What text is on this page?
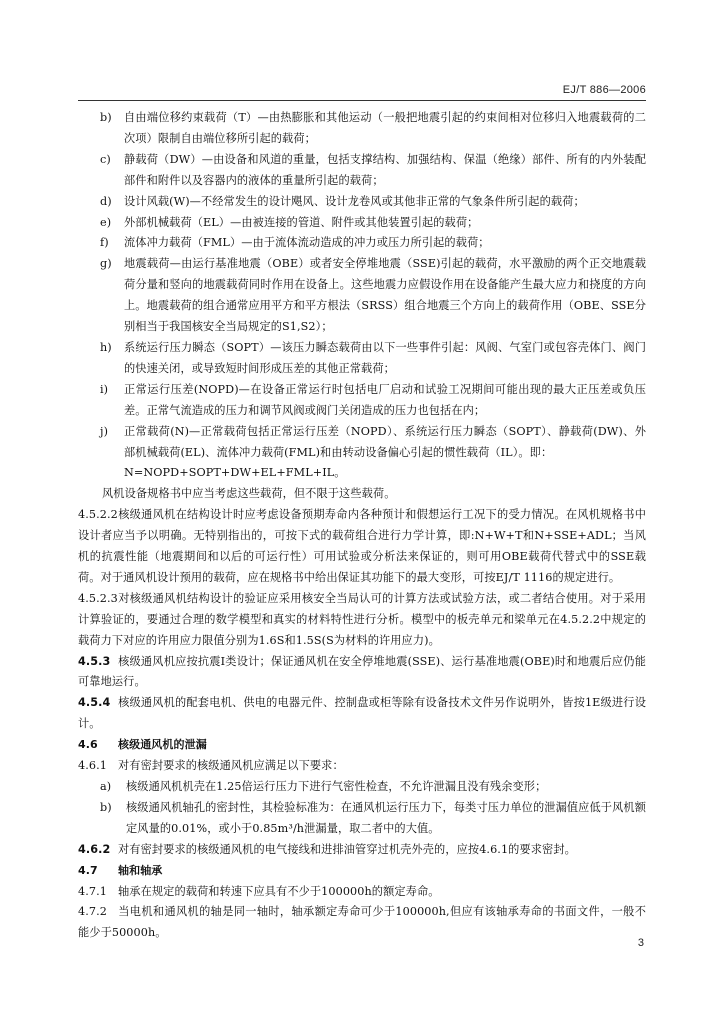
EJ/T 886—2006
b) 自由端位移约束载荷（T）—由热膨胀和其他运动（一般把地震引起的约束间相对位移归入地震载荷的二次项）限制自由端位移所引起的载荷；
c) 静载荷（DW）—由设备和风道的重量，包括支撑结构、加强结构、保温（绝缘）部件、所有的内外装配部件和附件以及容器内的液体的重量所引起的载荷；
d) 设计风载(W)—不经常发生的设计飓风、设计龙卷风或其他非正常的气象条件所引起的载荷；
e) 外部机械载荷（EL）—由被连接的管道、附件或其他装置引起的载荷；
f) 流体冲力载荷（FML）—由于流体流动造成的冲力或压力所引起的载荷；
g) 地震载荷—由运行基准地震（OBE）或者安全停堆地震（SSE)引起的载荷，水平激励的两个正交地震载荷分量和竖向的地震载荷同时作用在设备上。这些地震力应假设作用在设备能产生最大应力和挠度的方向上。地震载荷的组合通常应用平方和平方根法（SRSS）组合地震三个方向上的载荷作用（OBE、SSE分别相当于我国核安全当局规定的S1,S2）；
h) 系统运行压力瞬态（SOPT）—该压力瞬态载荷由以下一些事件引起：风阀、气室门或包容壳体门、阀门的快速关闭，或导致短时间形成压差的其他正常载荷；
i) 正常运行压差(NOPD)—在设备正常运行时包括电厂启动和试验工况期间可能出现的最大正压差或负压差。正常气流造成的压力和调节风阀或阀门关闭造成的压力也包括在内；
j) 正常载荷(N)—正常载荷包括正常运行压差（NOPD）、系统运行压力瞬态（SOPT）、静载荷(DW)、外部机械载荷(EL)、流体冲力载荷(FML)和由转动设备偏心引起的惯性载荷（IL）。即：
N=NOPD+SOPT+DW+EL+FML+IL。
风机设备规格书中应当考虑这些载荷，但不限于这些载荷。
4.5.2.2核级通风机在结构设计时应考虑设备预期寿命内各种预计和假想运行工况下的受力情况。在风机规格书中设计者应当予以明确。无特别指出的，可按下式的载荷组合进行力学计算，即:N+W+T和N+SSE+ADL；当风机的抗震性能（地震期间和以后的可运行性）可用试验或分析法来保证的，则可用OBE载荷代替式中的SSE载荷。对于通风机设计预用的载荷，应在规格书中给出保证其功能下的最大变形，可按EJ/T 1116的规定进行。
4.5.2.3对核级通风机结构设计的验证应采用核安全当局认可的计算方法或试验方法，或二者结合使用。对于采用计算验证的，要通过合理的数学模型和真实的材料特性进行分析。模型中的板壳单元和梁单元在4.5.2.2中规定的载荷力下对应的许用应力限值分别为1.6S和1.5S(S为材料的许用应力)。
4.5.3 核级通风机应按抗震Ⅰ类设计；保证通风机在安全停堆地震(SSE)、运行基准地震(OBE)时和地震后应仍能可靠地运行。
4.5.4 核级通风机的配套电机、供电的电器元件、控制盘或柜等除有设备技术文件另作说明外，皆按1E级进行设计。
4.6 核级通风机的泄漏
4.6.1 对有密封要求的核级通风机应满足以下要求：
a) 核级通风机机壳在1.25倍运行压力下进行气密性检查，不允许泄漏且没有残余变形；
b) 核级通风机轴孔的密封性，其检验标准为：在通风机运行压力下，每类寸压力单位的泄漏值应低于风机额定风量的0.01%，或小于0.85m³/h泄漏量，取二者中的大值。
4.6.2 对有密封要求的核级通风机的电气接线和进排油管穿过机壳外壳的，应按4.6.1的要求密封。
4.7 轴和轴承
4.7.1 轴承在规定的载荷和转速下应具有不少于100000h的额定寿命。
4.7.2 当电机和通风机的轴是同一轴时，轴承额定寿命可少于100000h,但应有该轴承寿命的书面文件，一般不能少于50000h。
3
